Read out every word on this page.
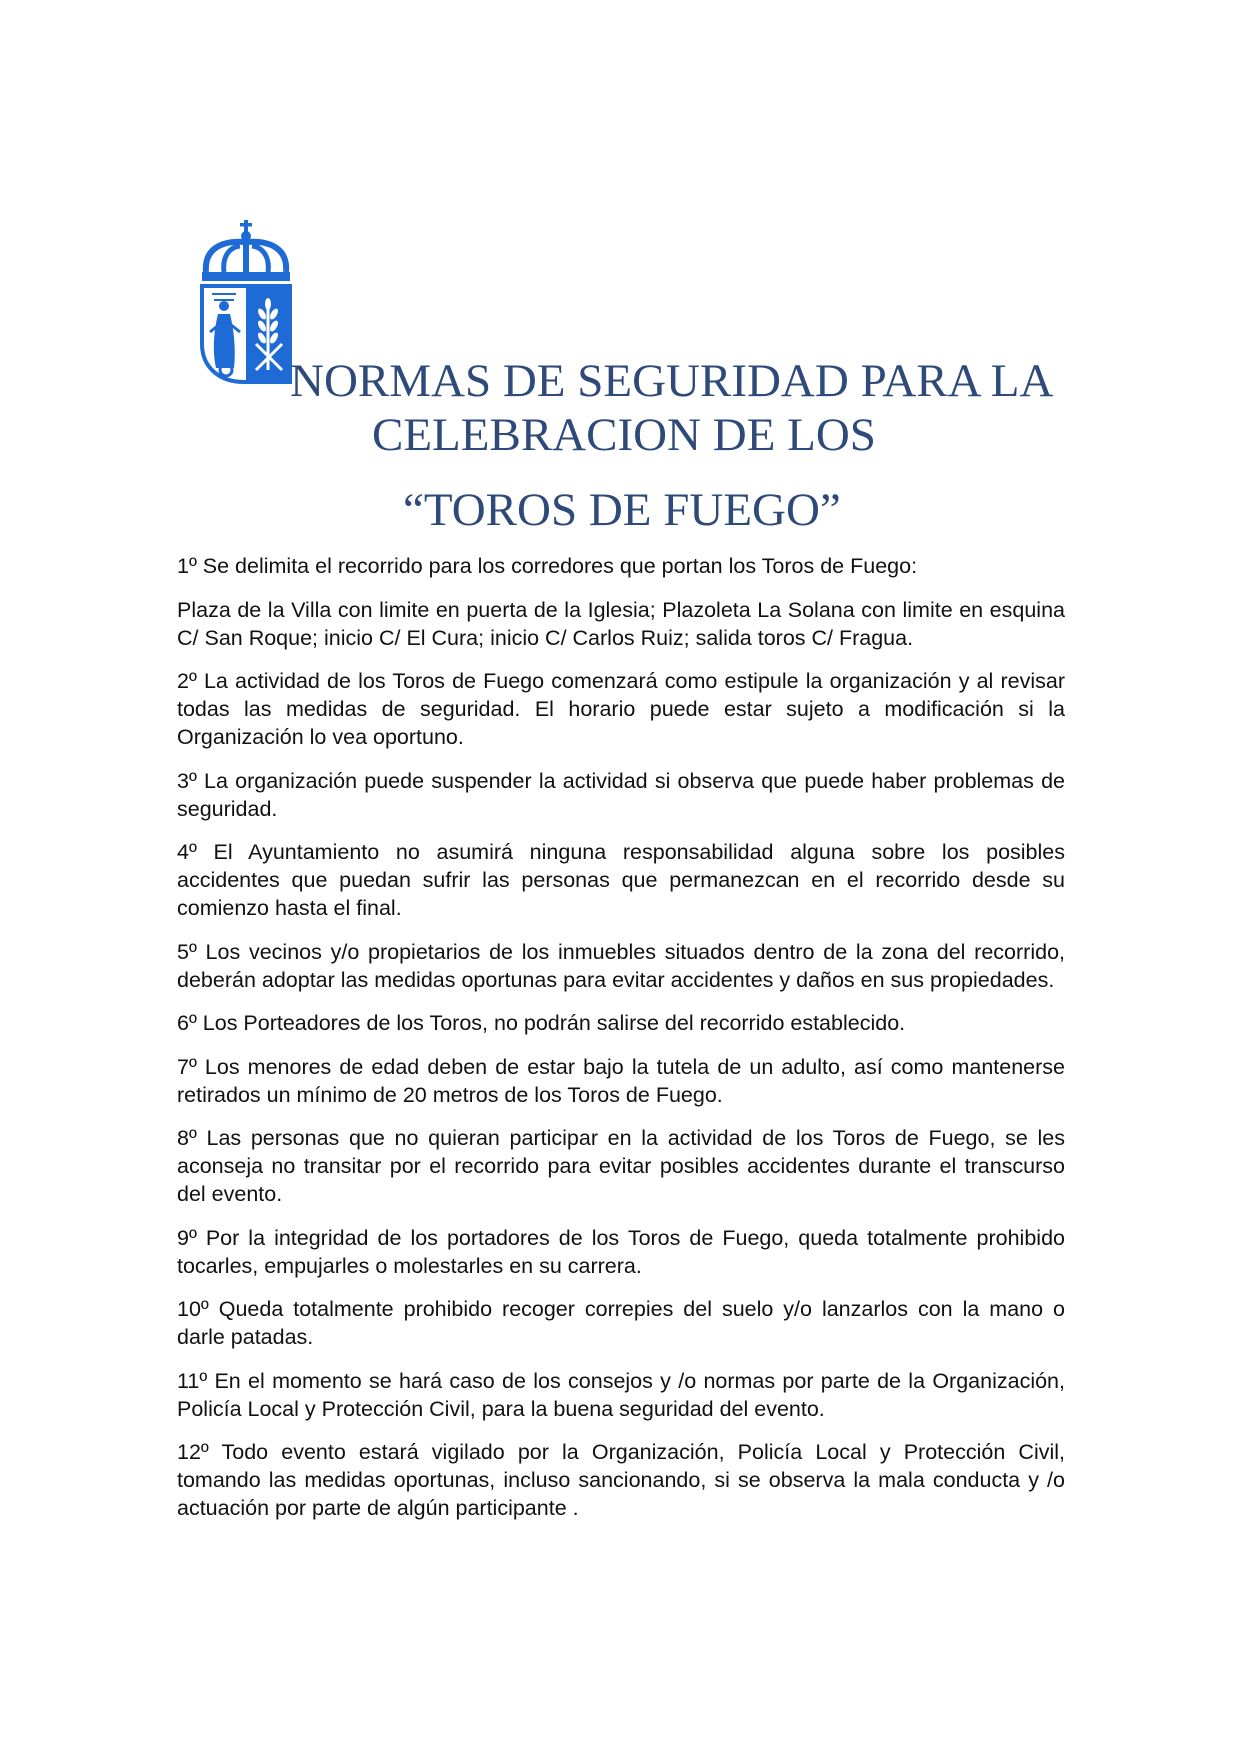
NORMAS DE SEGURIDAD PARA LA
CELEBRACION DE LOS
“TOROS DE FUEGO”

1º Se delimita el recorrido para los corredores que portan los Toros de Fuego:

Plaza de la Villa con limite en puerta de la Iglesia; Plazoleta La Solana con limite en esquina C/ San Roque; inicio C/ El Cura; inicio C/ Carlos Ruiz; salida toros C/ Fragua.

2º La actividad de los Toros de Fuego comenzará como estipule la organización y al revisar todas las medidas de seguridad. El horario puede estar sujeto a modificación si la Organización lo vea oportuno.

3º La organización puede suspender la actividad si observa que puede haber problemas de seguridad.

4º El Ayuntamiento no asumirá ninguna responsabilidad alguna sobre los posibles accidentes que puedan sufrir las personas que permanezcan en el recorrido desde su comienzo hasta el final.

5º Los vecinos y/o propietarios de los inmuebles situados dentro de la zona del recorrido, deberán adoptar las medidas oportunas para evitar accidentes y daños en sus propiedades.

6º Los Porteadores de los Toros, no podrán salirse del recorrido establecido.

7º Los menores de edad deben de estar bajo la tutela de un adulto, así como mantenerse retirados un mínimo de 20 metros de los Toros de Fuego.

8º Las personas que no quieran participar en la actividad de los Toros de Fuego, se les aconseja no transitar por el recorrido para evitar posibles accidentes durante el transcurso del evento.

9º Por la integridad de los portadores de los Toros de Fuego, queda totalmente prohibido tocarles, empujarles o molestarles en su carrera.

10º Queda totalmente prohibido recoger correpies del suelo y/o lanzarlos con la mano o darle patadas.

11º En el momento se hará caso de los consejos y /o normas por parte de la Organización, Policía Local y Protección Civil, para la buena seguridad del evento.

12º Todo evento estará vigilado por la Organización, Policía Local y Protección Civil, tomando las medidas oportunas, incluso sancionando, si se observa la mala conducta y /o actuación por parte de algún participante .
